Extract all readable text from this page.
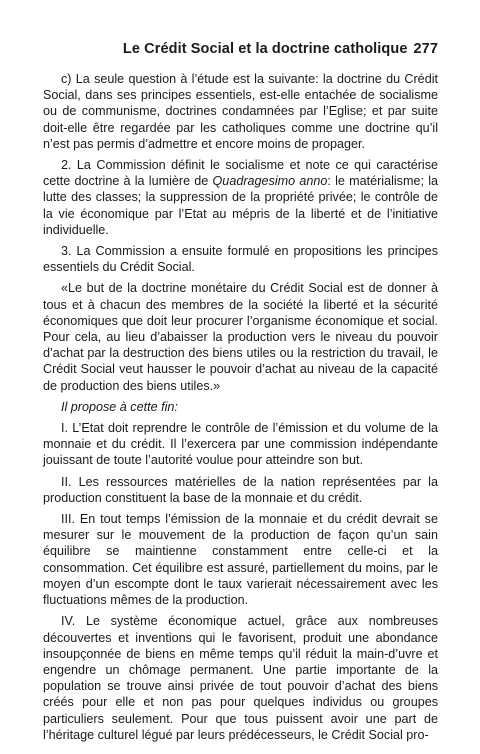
Le Crédit Social et la doctrine catholique 277

c) La seule question à l’étude est la suivante: la doctrine du Crédit Social, dans ses principes essentiels, est-elle entachée de socialisme ou de communisme, doctrines condamnées par l’Eglise; et par suite doit-elle être regardée par les catholiques comme une doctrine qu’il n’est pas permis d’admettre et encore moins de propager.

2. La Commission définit le socialisme et note ce qui caractérise cette doctrine à la lumière de Quadragesimo anno: le matérialisme; la lutte des classes; la suppression de la propriété privée; le contrôle de la vie économique par l’Etat au mépris de la liberté et de l’initiative individuelle.

3. La Commission a ensuite formulé en propositions les principes essentiels du Crédit Social.

«Le but de la doctrine monétaire du Crédit Social est de donner à tous et à chacun des membres de la société la liberté et la sécurité économiques que doit leur procurer l’organisme économique et social. Pour cela, au lieu d’abaisser la production vers le niveau du pouvoir d’achat par la destruction des biens utiles ou la restriction du travail, le Crédit Social veut hausser le pouvoir d’achat au niveau de la capacité de production des biens utiles.»

Il propose à cette fin:

I. L’Etat doit reprendre le contrôle de l’émission et du volume de la monnaie et du crédit. Il l’exercera par une commission indépendante jouissant de toute l’autorité voulue pour atteindre son but.

II. Les ressources matérielles de la nation représentées par la production constituent la base de la monnaie et du crédit.

III. En tout temps l’émission de la monnaie et du crédit devrait se mesurer sur le mouvement de la production de façon qu’un sain équilibre se maintienne constamment entre celle-ci et la consommation. Cet équilibre est assuré, partiellement du moins, par le moyen d’un escompte dont le taux varierait nécessairement avec les fluctuations mêmes de la production.

IV. Le système économique actuel, grâce aux nombreuses découvertes et inventions qui le favorisent, produit une abondance insoupçonnée de biens en même temps qu’il réduit la main-d’uvre et engendre un chômage permanent. Une partie importante de la population se trouve ainsi privée de tout pouvoir d’achat des biens créés pour elle et non pas pour quelques individus ou groupes particuliers seulement. Pour que tous puissent avoir une part de l’héritage culturel légué par leurs prédécesseurs, le Crédit Social pro-
